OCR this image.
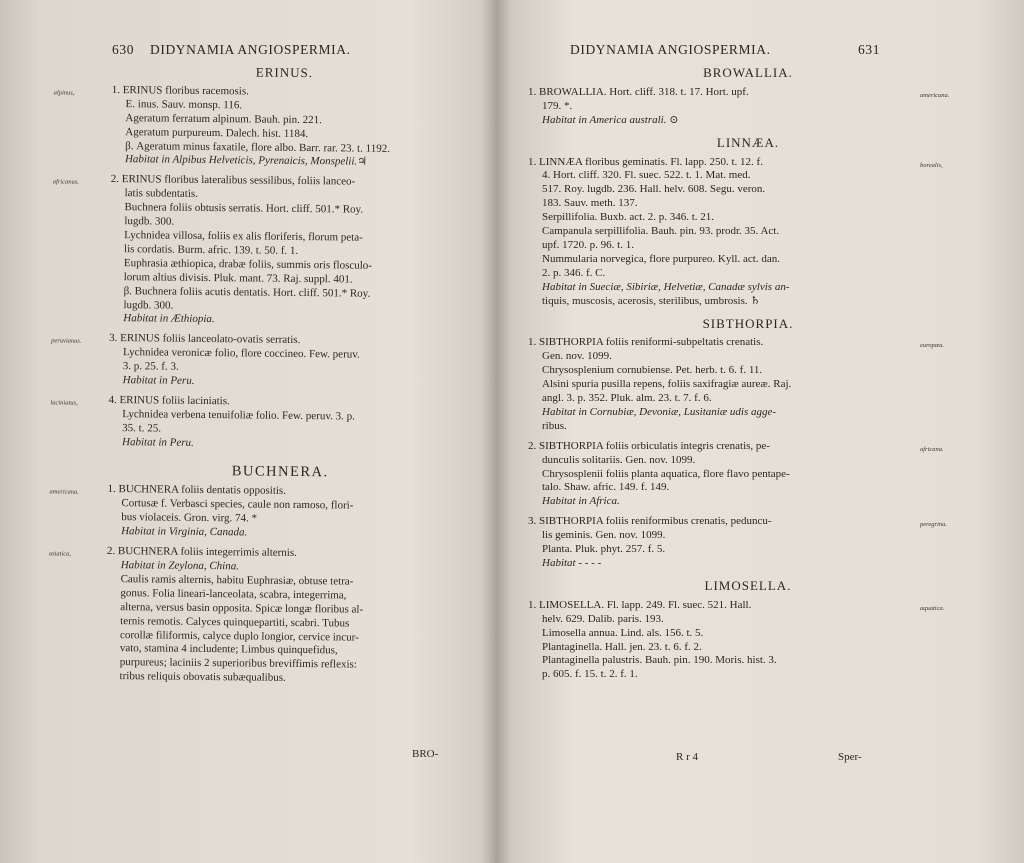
630 DIDYNAMIA ANGIOSPERMIA.
ERINUS.
alpinus,	1. ERINUS floribus racemosis.
E. inus. Sauv. monsp. 116.
Ageratum ferratum alpinum. Bauh. pin. 221.
Ageratum purpureum. Dalech. hist. 1184.
β. Ageratum minus faxatile, flore albo. Barr. rar. 23. t. 1192.
Habitat in Alpibus Helveticis, Pyrenaicis, Monspelii.♃
africanus.	2. ERINUS floribus lateralibus sessilibus, foliis lanceo-
latis subdentatis.
Buchnera foliis obtusis serratis. Hort. cliff. 501.* Roy.
lugdb. 300.
Lychnidea villosa, foliis ex alis floriferis, florum peta-
lis cordatis. Burm. afric. 139. t. 50. f. 1.
Euphrasia æthiopica, drabæ foliis, summis oris flosculo-
lorum altius divisis. Pluk. mant. 73. Raj. suppl. 401.
β. Buchnera foliis acutis dentatis. Hort. cliff. 501.* Roy.
lugdb. 300.
Habitat in Æthiopia.
peruvianus. 3. ERINUS foliis lanceolato-ovatis serratis.
Lychnidea veronicæ folio, flore coccineo. Few. peruv.
3. p. 25. f. 3.
Habitat in Peru.
laciniatus,	4. ERINUS foliis laciniatis.
Lychnidea verbena tenuifoliæ folio. Few. peruv. 3. p.
35. t. 25.
Habitat in Peru.
BUCHNERA.
americana.	1. BUCHNERA foliis dentatis oppositis.
Cortusæ f. Verbasci species, caule non ramoso, flori-
bus violaceis. Gron. virg. 74. *
Habitat in Virginia, Canada.
asiatica,	2. BUCHNERA foliis integerrimis alternis.
Habitat in Zeylona, China.
Caulis ramis alternis, habitu Euphrasiæ, obtuse tetra-
gonus. Folia lineari-lanceolata, scabra, integerrima,
alterna, versus basin opposita. Spicæ longæ floribus al-
ternis remotis. Calyces quinquepartiti, scabri. Tubus
corollæ filiformis, calyce duplo longior, cervice incur-
vato, stamina 4 includente; Limbus quinquefidus,
purpureus; laciniis 2 superioribus breviffimis reflexis:
tribus reliquis obovatis subæqualibus.
BRO-
DIDYNAMIA ANGIOSPERMIA.	631
BROWALLIA.
americana.
1. BROWALLIA. Hort. cliff. 318. t. 17. Hort. upf.
179. *.
Habitat in America australi. ⊙
LINNÆA.
borealis,
1. LINNÆA floribus geminatis. Fl. lapp. 250. t. 12. f.
4. Hort. cliff. 320. Fl. suec. 522. t. 1. Mat. med.
517. Roy. lugdb. 236. Hall. helv. 608. Segu. veron.
183. Sauv. meth. 137.
Serpillifolia. Buxb. act. 2. p. 346. t. 21.
Campanula serpillifolia. Bauh. pin. 93. prodr. 35. Act.
upf. 1720. p. 96. t. 1.
Nummularia norvegica, flore purpureo. Kyll. act. dan.
2. p. 346. f. C.
Habitat in Sueciæ, Sibiriæ, Helvetiæ, Canadæ sylvis an-
tiquis, muscosis, acerosis, sterilibus, umbrosis. ♄
SIBTHORPIA.
europæa.
1. SIBTHORPIA foliis reniformi-subpeltatis crenatis.
Gen. nov. 1099.
Chrysosplenium cornubiense. Pet. herb. t. 6. f. 11.
Alsini spuria pusilla repens, foliis saxifragiæ aureæ. Raj.
angl. 3. p. 352. Pluk. alm. 23. t. 7. f. 6.
Habitat in Cornubiæ, Devoniæ, Lusitaniæ udis agge-
ribus.
africana.
2. SIBTHORPIA foliis orbiculatis integris crenatis, pe-
dunculis solitariis. Gen. nov. 1099.
Chrysosplenii foliis planta aquatica, flore flavo pentape-
talo. Shaw. afric. 149. f. 149.
Habitat in Africa.
peregrina.
3. SIBTHORPIA foliis reniformibus crenatis, peduncu-
lis geminis. Gen. nov. 1099.
Planta. Pluk. phyt. 257. f. 5.
Habitat - - - -
LIMOSELLA.
aquatica.
1. LIMOSELLA. Fl. lapp. 249. Fl. suec. 521. Hall.
helv. 629. Dalib. paris. 193.
Limosella annua. Lind. als. 156. t. 5.
Plantaginella. Hall. jen. 23. t. 6. f. 2.
Plantaginella palustris. Bauh. pin. 190. Moris. hist. 3.
p. 605. f. 15. t. 2. f. 1.
R r 4	Sper-
